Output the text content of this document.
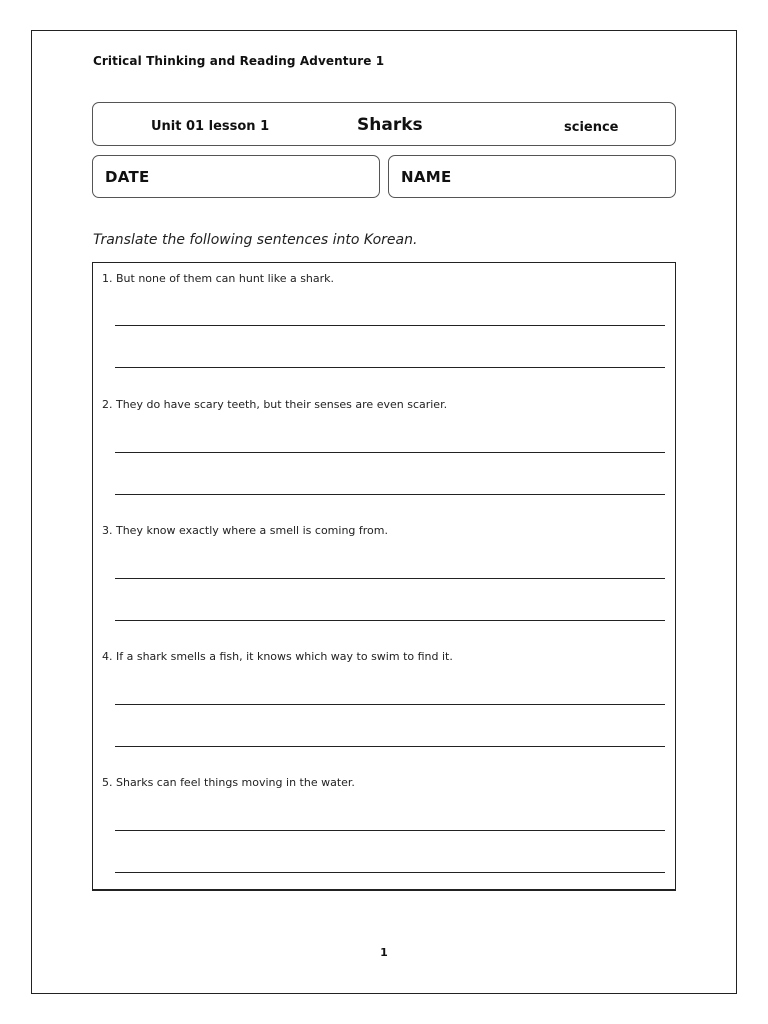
Critical Thinking and Reading Adventure 1
Unit 01 lesson 1	Sharks	science
DATE	NAME
Translate the following sentences into Korean.
1. But none of them can hunt like a shark.
2. They do have scary teeth, but their senses are even scarier.
3. They know exactly where a smell is coming from.
4. If a shark smells a fish, it knows which way to swim to find it.
5. Sharks can feel things moving in the water.
1
